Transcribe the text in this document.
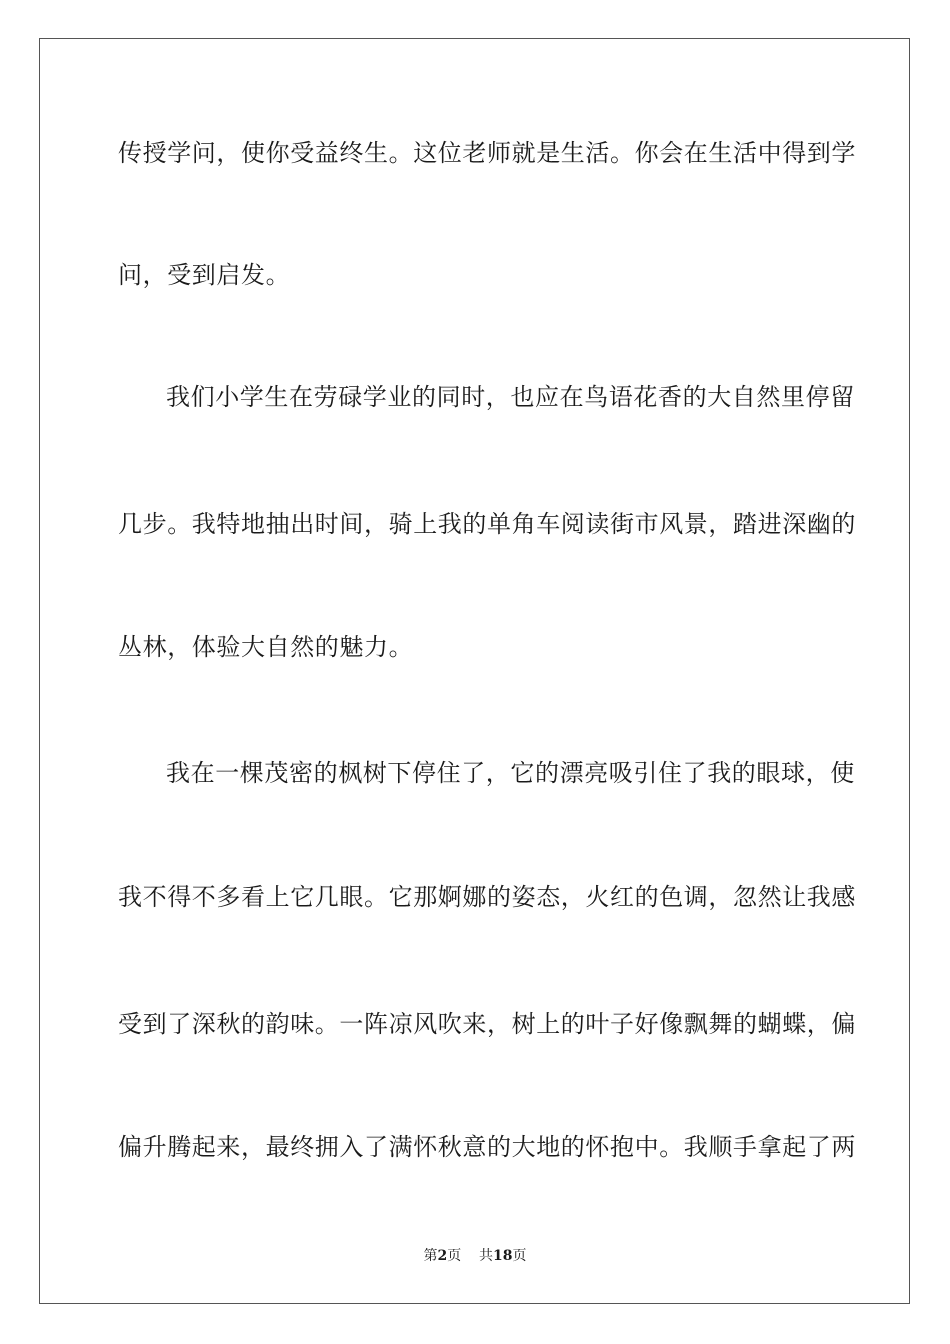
传授学问，使你受益终生。这位老师就是生活。你会在生活中得到学
问，受到启发。
我们小学生在劳碌学业的同时，也应在鸟语花香的大自然里停留
几步。我特地抽出时间，骑上我的单角车阅读街市风景，踏进深幽的
丛林，体验大自然的魅力。
我在一棵茂密的枫树下停住了，它的漂亮吸引住了我的眼球，使
我不得不多看上它几眼。它那婀娜的姿态，火红的色调，忽然让我感
受到了深秋的韵味。一阵凉风吹来，树上的叶子好像飘舞的蝴蝶，偏
偏升腾起来，最终拥入了满怀秋意的大地的怀抱中。我顺手拿起了两
第2页 共18页
